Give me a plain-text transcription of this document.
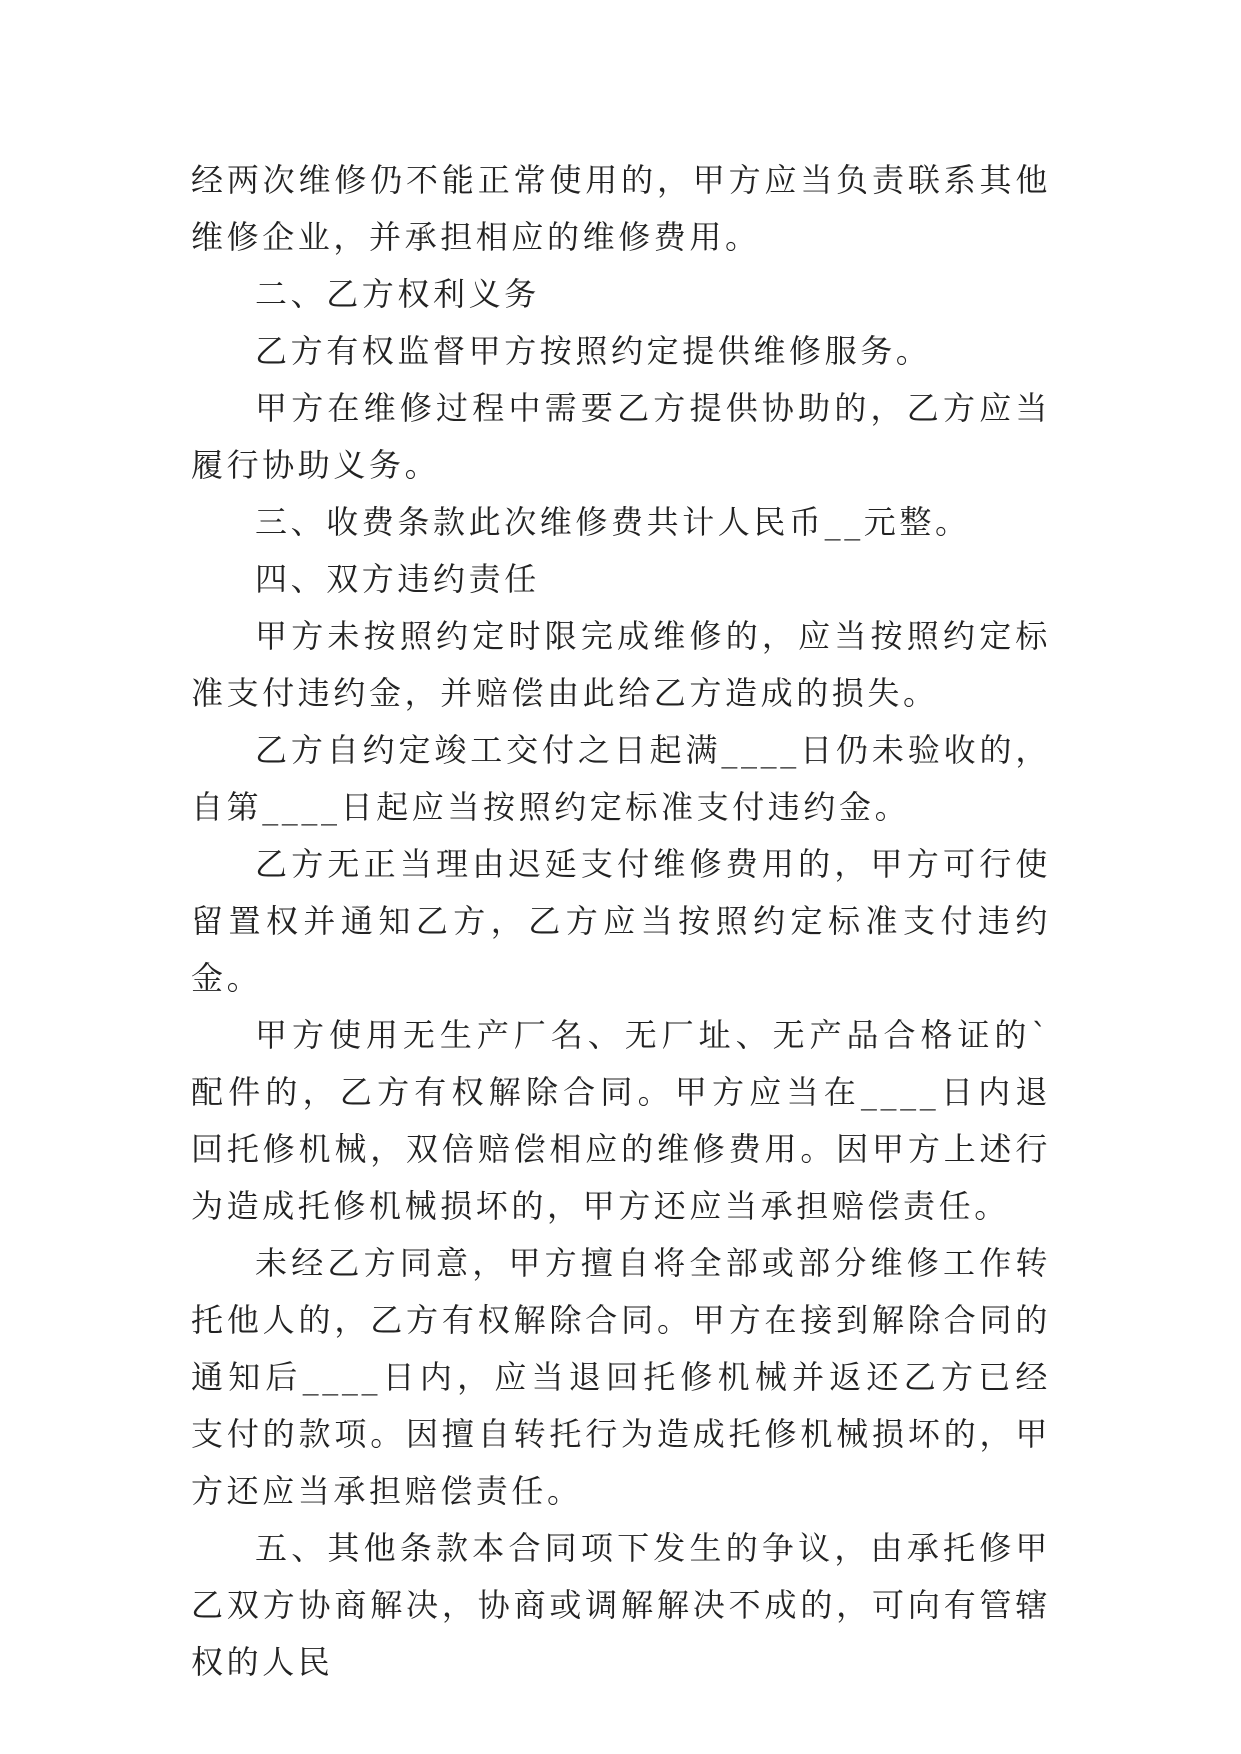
经两次维修仍不能正常使用的，甲方应当负责联系其他维修企业，并承担相应的维修费用。

二、乙方权利义务

乙方有权监督甲方按照约定提供维修服务。

甲方在维修过程中需要乙方提供协助的，乙方应当履行协助义务。

三、收费条款此次维修费共计人民币__元整。

四、双方违约责任

甲方未按照约定时限完成维修的，应当按照约定标准支付违约金，并赔偿由此给乙方造成的损失。

乙方自约定竣工交付之日起满____日仍未验收的，自第____日起应当按照约定标准支付违约金。

乙方无正当理由迟延支付维修费用的，甲方可行使留置权并通知乙方，乙方应当按照约定标准支付违约金。

甲方使用无生产厂名、无厂址、无产品合格证的`配件的，乙方有权解除合同。甲方应当在____日内退回托修机械，双倍赔偿相应的维修费用。因甲方上述行为造成托修机械损坏的，甲方还应当承担赔偿责任。

未经乙方同意，甲方擅自将全部或部分维修工作转托他人的，乙方有权解除合同。甲方在接到解除合同的通知后____日内，应当退回托修机械并返还乙方已经支付的款项。因擅自转托行为造成托修机械损坏的，甲方还应当承担赔偿责任。

五、其他条款本合同项下发生的争议，由承托修甲乙双方协商解决，协商或调解解决不成的，可向有管辖权的人民
